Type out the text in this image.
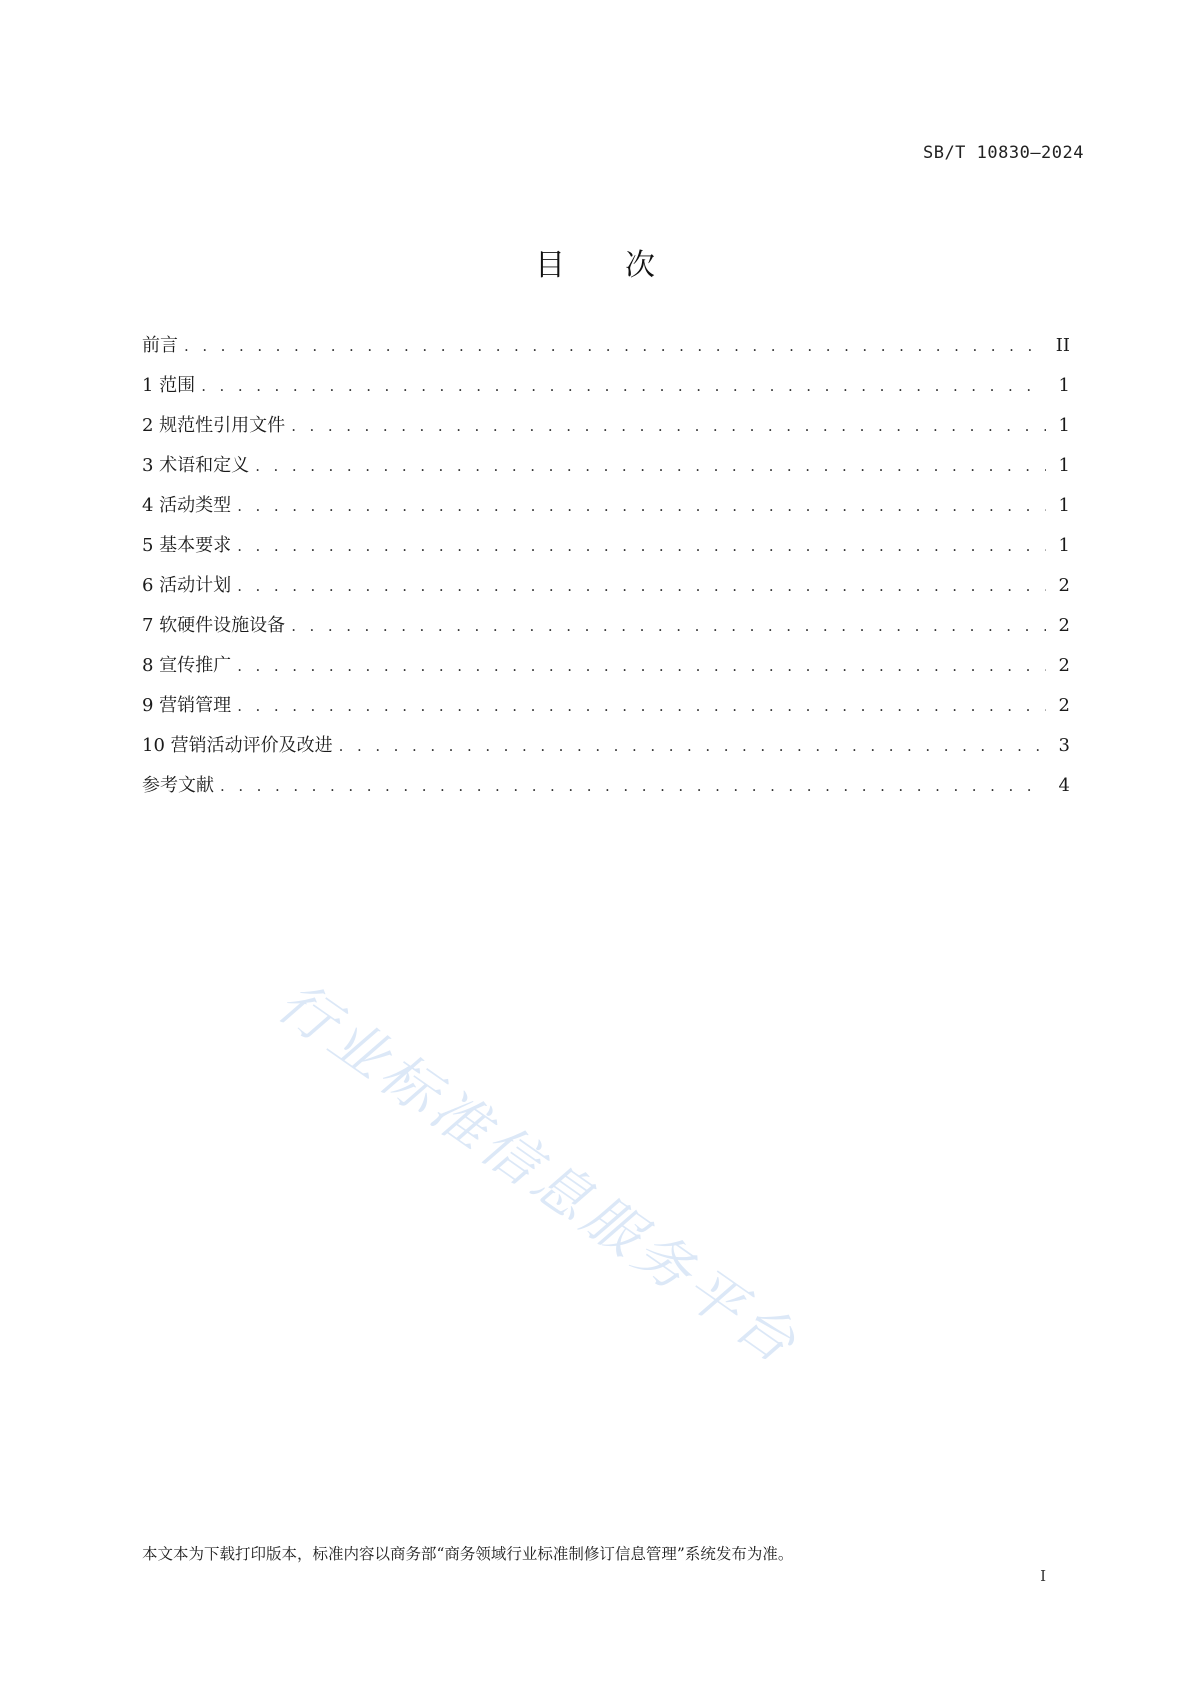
SB/T 10830—2024
目次
前言 . . .	II
1 范围 . . .	1
2 规范性引用文件 . . .	1
3 术语和定义 . . .	1
4 活动类型 . . .	1
5 基本要求 . . .	1
6 活动计划 . . .	2
7 软硬件设施设备 . . .	2
8 宣传推广 . . .	2
9 营销管理 . . .	2
10 营销活动评价及改进 . . .	3
参考文献 . . .	4
行业标准信息服务平台
本文本为下载打印版本，标准内容以商务部“商务领域行业标准制修订信息管理”系统发布为准。
I
